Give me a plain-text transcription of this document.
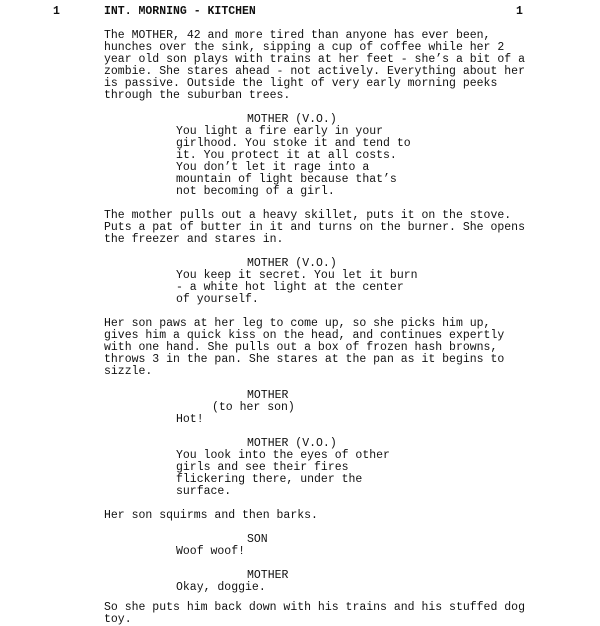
1	INT. MORNING - KITCHEN	1
The MOTHER, 42 and more tired than anyone has ever been,
hunches over the sink, sipping a cup of coffee while her 2
year old son plays with trains at her feet - she’s a bit of a
zombie. She stares ahead - not actively. Everything about her
is passive. Outside the light of very early morning peeks
through the suburban trees.
MOTHER (V.O.)
You light a fire early in your
girlhood. You stoke it and tend to
it. You protect it at all costs.
You don’t let it rage into a
mountain of light because that’s
not becoming of a girl.
The mother pulls out a heavy skillet, puts it on the stove.
Puts a pat of butter in it and turns on the burner. She opens
the freezer and stares in.
MOTHER (V.O.)
You keep it secret. You let it burn
- a white hot light at the center
of yourself.
Her son paws at her leg to come up, so she picks him up,
gives him a quick kiss on the head, and continues expertly
with one hand. She pulls out a box of frozen hash browns,
throws 3 in the pan. She stares at the pan as it begins to
sizzle.
MOTHER
(to her son)
Hot!
MOTHER (V.O.)
You look into the eyes of other
girls and see their fires
flickering there, under the
surface.
Her son squirms and then barks.
SON
Woof woof!
MOTHER
Okay, doggie.
So she puts him back down with his trains and his stuffed dog
toy.
